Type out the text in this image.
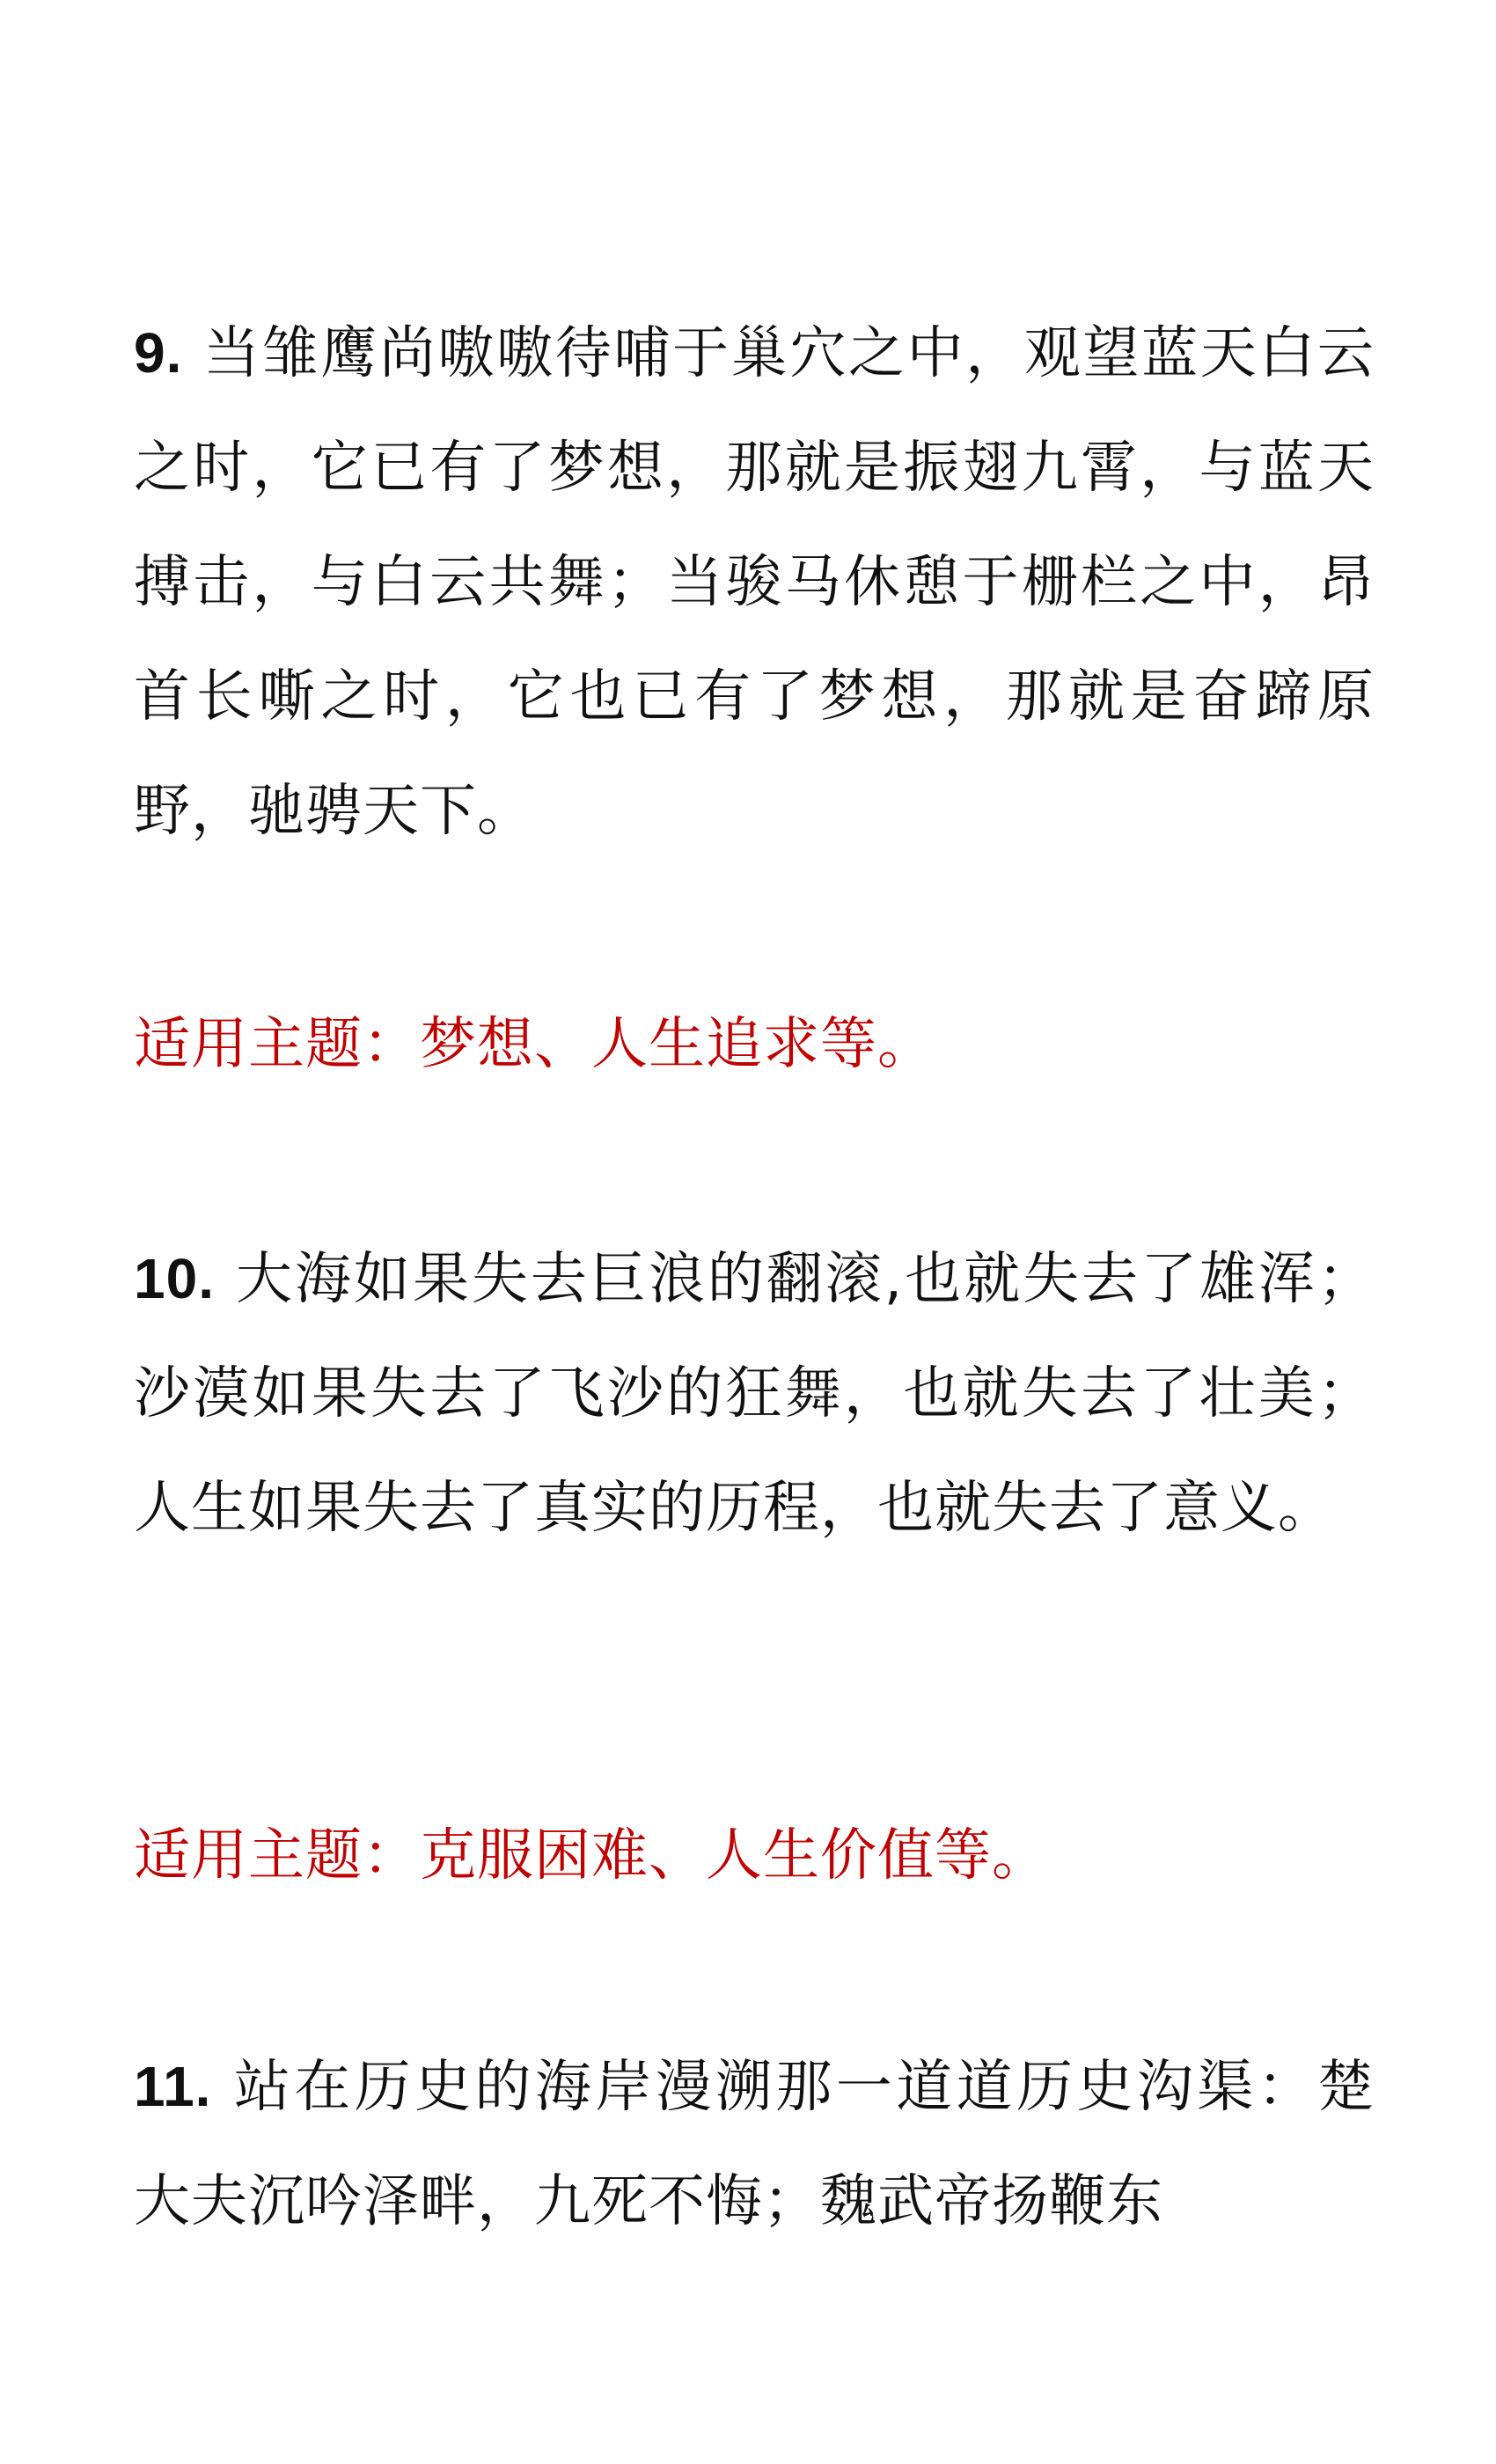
9. 当雏鹰尚嗷嗷待哺于巢穴之中，观望蓝天白云之时，它已有了梦想，那就是振翅九霄，与蓝天搏击，与白云共舞；当骏马休憩于栅栏之中，昂首长嘶之时，它也已有了梦想，那就是奋蹄原野，驰骋天下。
适用主题：梦想、人生追求等。
10. 大海如果失去巨浪的翻滚,也就失去了雄浑；沙漠如果失去了飞沙的狂舞，也就失去了壮美；人生如果失去了真实的历程，也就失去了意义。
适用主题：克服困难、人生价值等。
11. 站在历史的海岸漫溯那一道道历史沟渠：楚大夫沉吟泽畔，九死不悔；魏武帝扬鞭东
